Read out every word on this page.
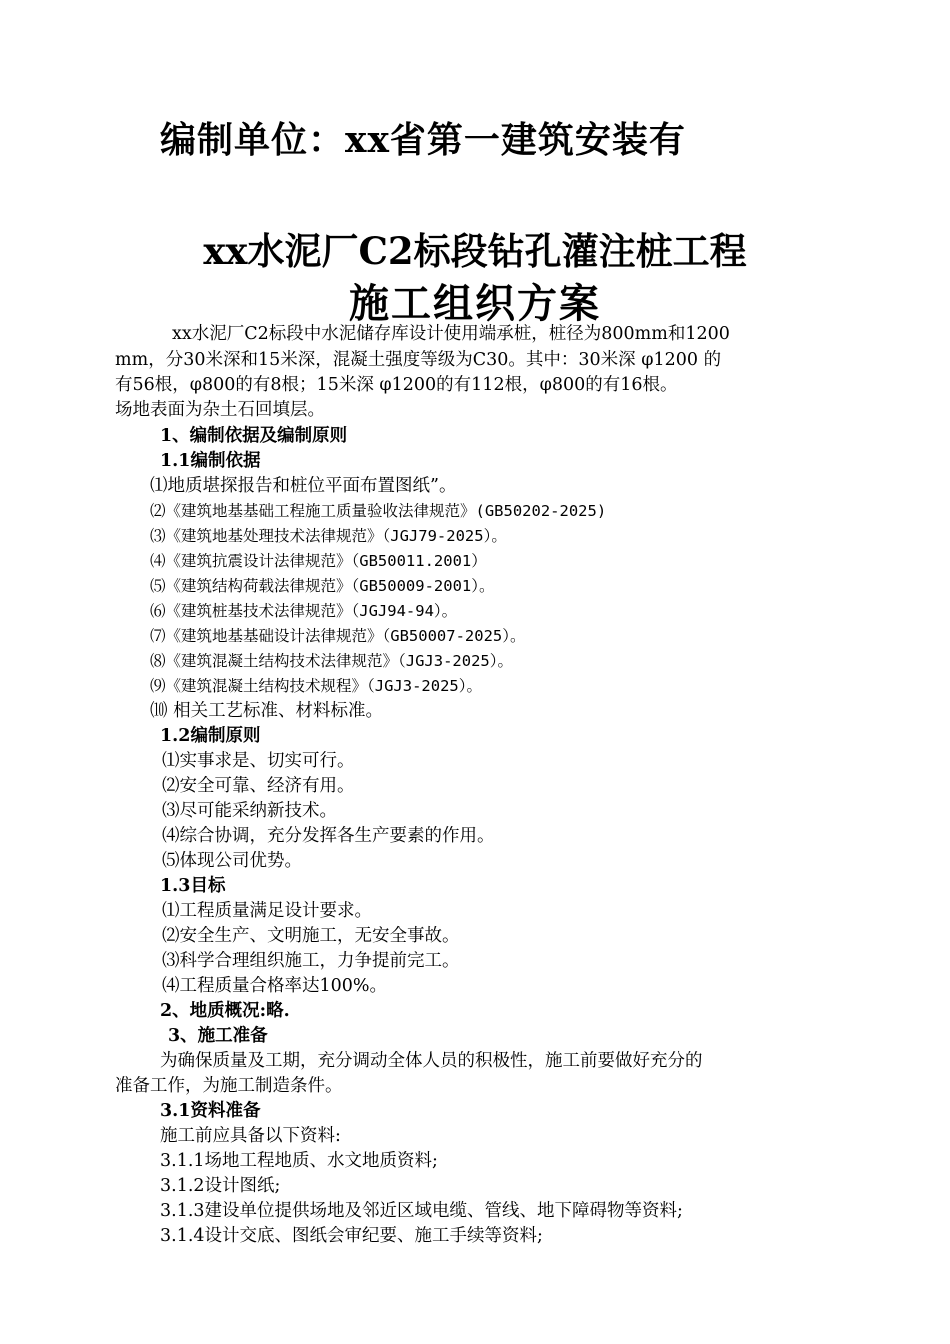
编制单位：xx省第一建筑安装有
xx水泥厂C2标段钻孔灌注桩工程
施工组织方案
xx水泥厂C2标段中水泥储存库设计使用端承桩，桩径为800mm和1200
mm，分30米深和15米深，混凝土强度等级为C30。其中：30米深 φ1200 的
有56根，φ800的有8根；15米深 φ1200的有112根，φ800的有16根。
场地表面为杂土石回填层。
1、编制依据及编制原则
1.1编制依据
⑴地质堪探报告和桩位平面布置图纸”。
⑵《建筑地基基础工程施工质量验收法律规范》(GB50202-2025)
⑶《建筑地基处理技术法律规范》（JGJ79-2025）。
⑷《建筑抗震设计法律规范》（GB50011.2001）
⑸《建筑结构荷载法律规范》（GB50009-2001）。
⑹《建筑桩基技术法律规范》（JGJ94-94）。
⑺《建筑地基基础设计法律规范》（GB50007-2025）。
⑻《建筑混凝土结构技术法律规范》（JGJ3-2025）。
⑼《建筑混凝土结构技术规程》（JGJ3-2025）。
⑽ 相关工艺标准、材料标准。
1.2编制原则
⑴实事求是、切实可行。
⑵安全可靠、经济有用。
⑶尽可能采纳新技术。
⑷综合协调，充分发挥各生产要素的作用。
⑸体现公司优势。
1.3目标
⑴工程质量满足设计要求。
⑵安全生产、文明施工，无安全事故。
⑶科学合理组织施工，力争提前完工。
⑷工程质量合格率达100%。
2、地质概况:略.
3、施工准备
为确保质量及工期，充分调动全体人员的积极性，施工前要做好充分的
准备工作，为施工制造条件。
3.1资料准备
施工前应具备以下资料:
3.1.1场地工程地质、水文地质资料;
3.1.2设计图纸;
3.1.3建设单位提供场地及邻近区域电缆、管线、地下障碍物等资料;
3.1.4设计交底、图纸会审纪要、施工手续等资料;
